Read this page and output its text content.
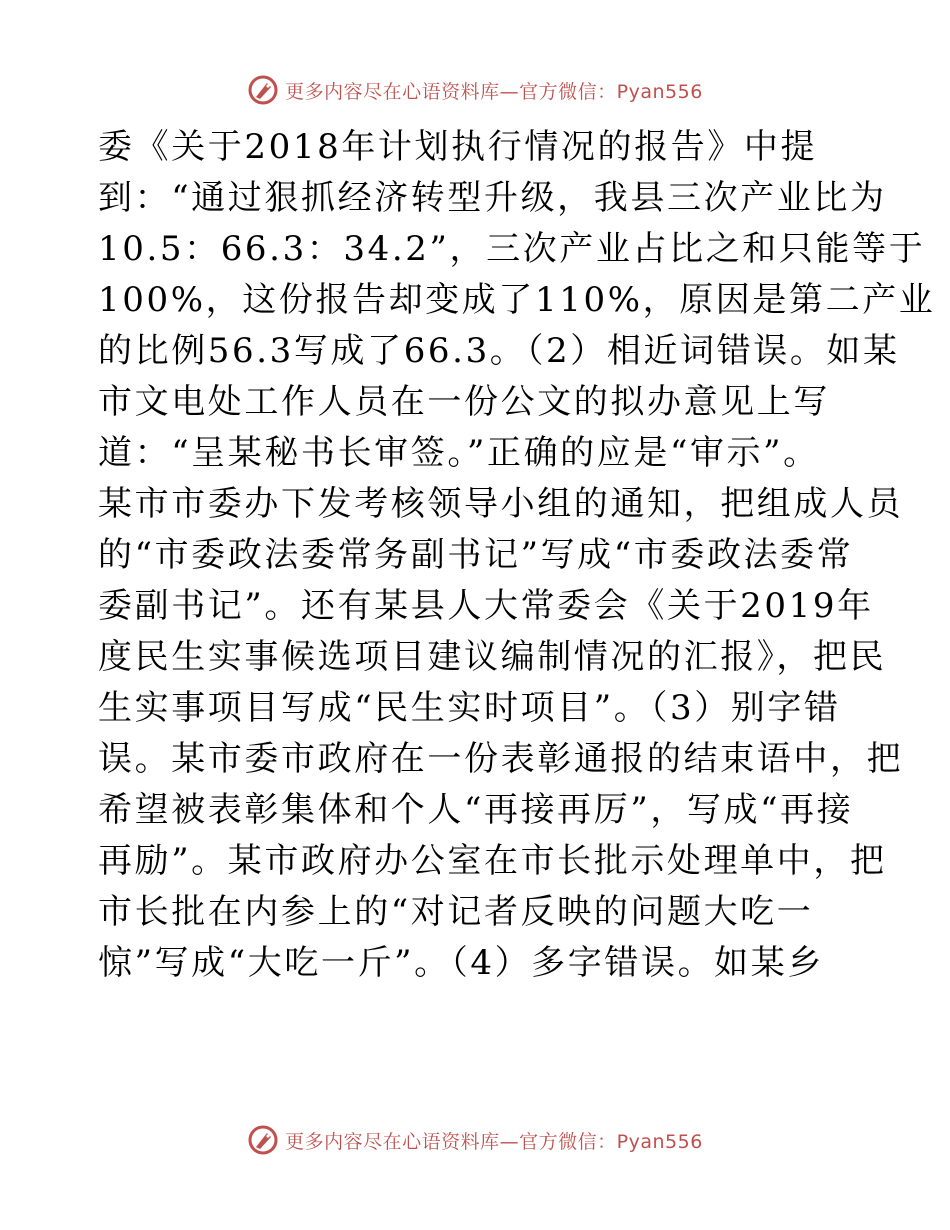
更多内容尽在心语资料库—官方微信：Pyan556
委《关于2018年计划执行情况的报告》中提
到：“通过狠抓经济转型升级，我县三次产业比为
10.5：66.3：34.2”，三次产业占比之和只能等于
100%，这份报告却变成了110%，原因是第二产业
的比例56.3写成了66.3。（2）相近词错误。如某
市文电处工作人员在一份公文的拟办意见上写
道：“呈某秘书长审签。”正确的应是“审示”。
某市市委办下发考核领导小组的通知，把组成人员
的“市委政法委常务副书记”写成“市委政法委常
委副书记”。还有某县人大常委会《关于2019年
度民生实事候选项目建议编制情况的汇报》，把民
生实事项目写成“民生实时项目”。（3）别字错
误。某市委市政府在一份表彰通报的结束语中，把
希望被表彰集体和个人“再接再厉”，写成“再接
再励”。某市政府办公室在市长批示处理单中，把
市长批在内参上的“对记者反映的问题大吃一
惊”写成“大吃一斤”。（4）多字错误。如某乡
更多内容尽在心语资料库—官方微信：Pyan556
